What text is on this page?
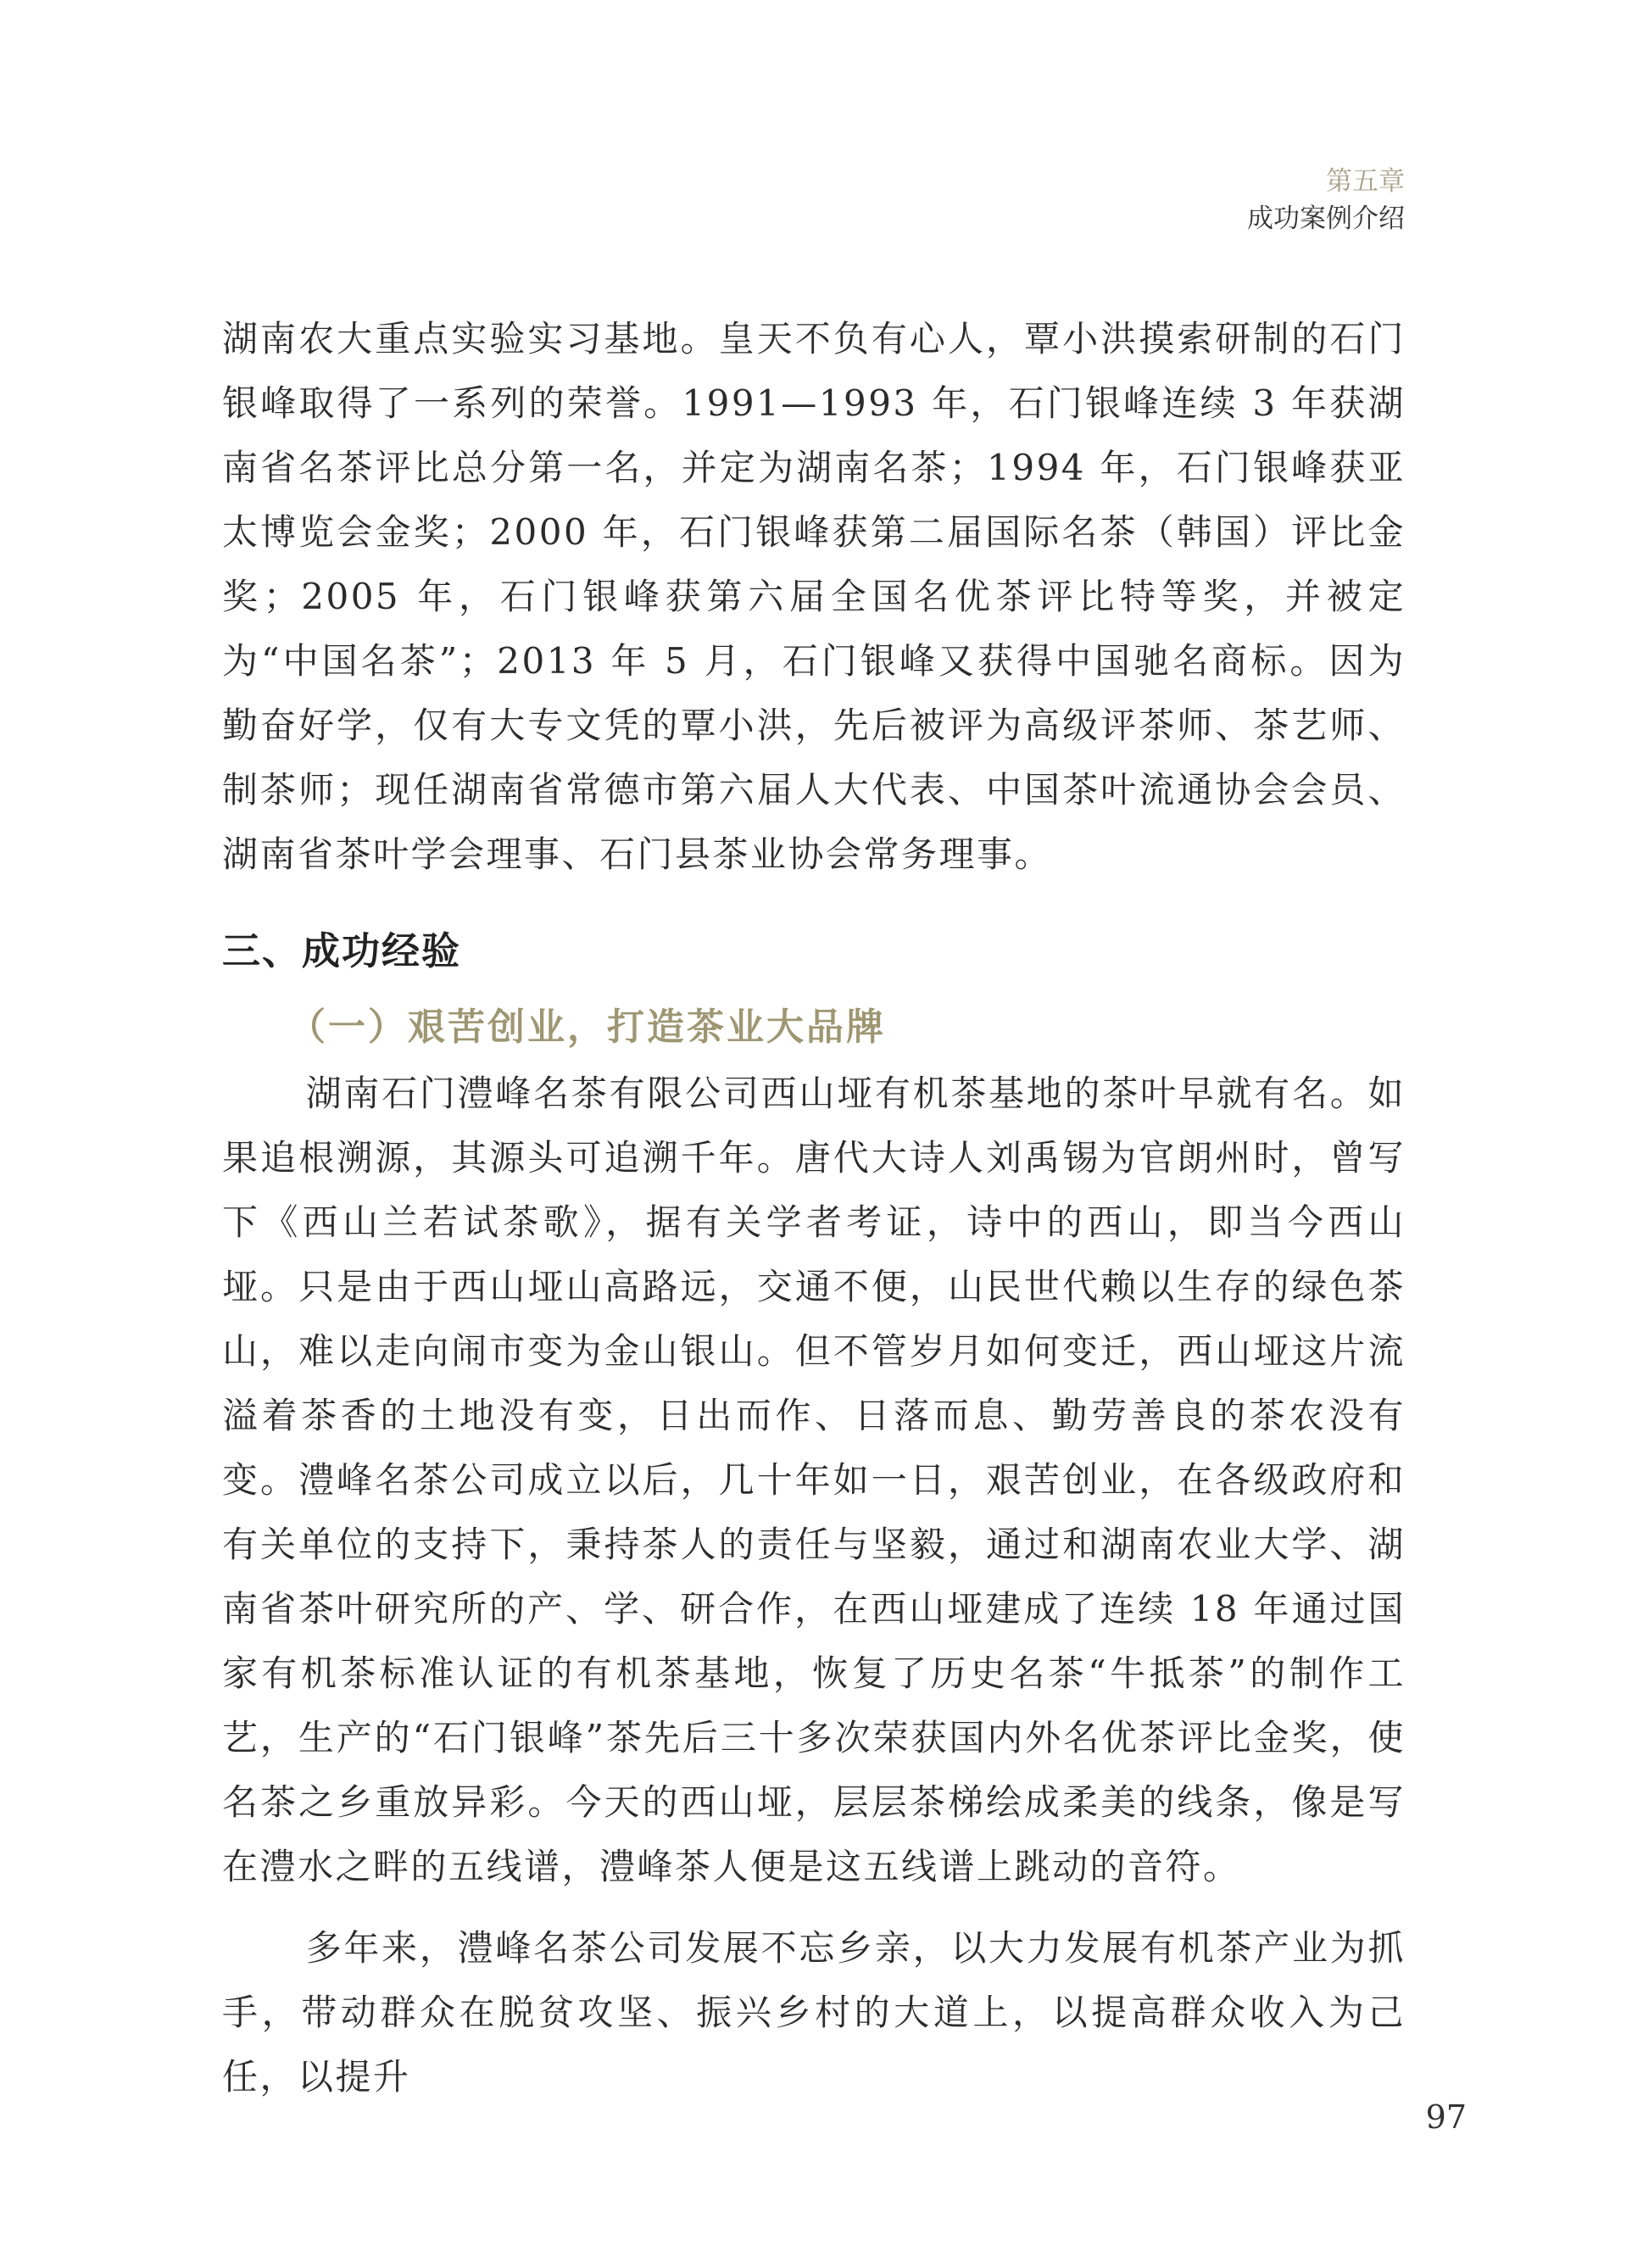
第五章
成功案例介绍

湖南农大重点实验实习基地。皇天不负有心人，覃小洪摸索研制的石门银峰取得了一系列的荣誉。1991—1993 年，石门银峰连续 3 年获湖南省名茶评比总分第一名，并定为湖南名茶；1994 年，石门银峰获亚太博览会金奖；2000 年，石门银峰获第二届国际名茶（韩国）评比金奖；2005 年，石门银峰获第六届全国名优茶评比特等奖，并被定为“中国名茶”；2013 年 5 月，石门银峰又获得中国驰名商标。因为勤奋好学，仅有大专文凭的覃小洪，先后被评为高级评茶师、茶艺师、制茶师；现任湖南省常德市第六届人大代表、中国茶叶流通协会会员、湖南省茶叶学会理事、石门县茶业协会常务理事。

三、成功经验
（一）艰苦创业，打造茶业大品牌

湖南石门澧峰名茶有限公司西山垭有机茶基地的茶叶早就有名。如果追根溯源，其源头可追溯千年。唐代大诗人刘禹锡为官朗州时，曾写下《西山兰若试茶歌》，据有关学者考证，诗中的西山，即当今西山垭。只是由于西山垭山高路远，交通不便，山民世代赖以生存的绿色茶山，难以走向闹市变为金山银山。但不管岁月如何变迁，西山垭这片流溢着茶香的土地没有变，日出而作、日落而息、勤劳善良的茶农没有变。澧峰名茶公司成立以后，几十年如一日，艰苦创业，在各级政府和有关单位的支持下，秉持茶人的责任与坚毅，通过和湖南农业大学、湖南省茶叶研究所的产、学、研合作，在西山垭建成了连续 18 年通过国家有机茶标准认证的有机茶基地，恢复了历史名茶“牛抵茶”的制作工艺，生产的“石门银峰”茶先后三十多次荣获国内外名优茶评比金奖，使名茶之乡重放异彩。今天的西山垭，层层茶梯绘成柔美的线条，像是写在澧水之畔的五线谱，澧峰茶人便是这五线谱上跳动的音符。

多年来，澧峰名茶公司发展不忘乡亲，以大力发展有机茶产业为抓手，带动群众在脱贫攻坚、振兴乡村的大道上，以提高群众收入为己任，以提升

97
